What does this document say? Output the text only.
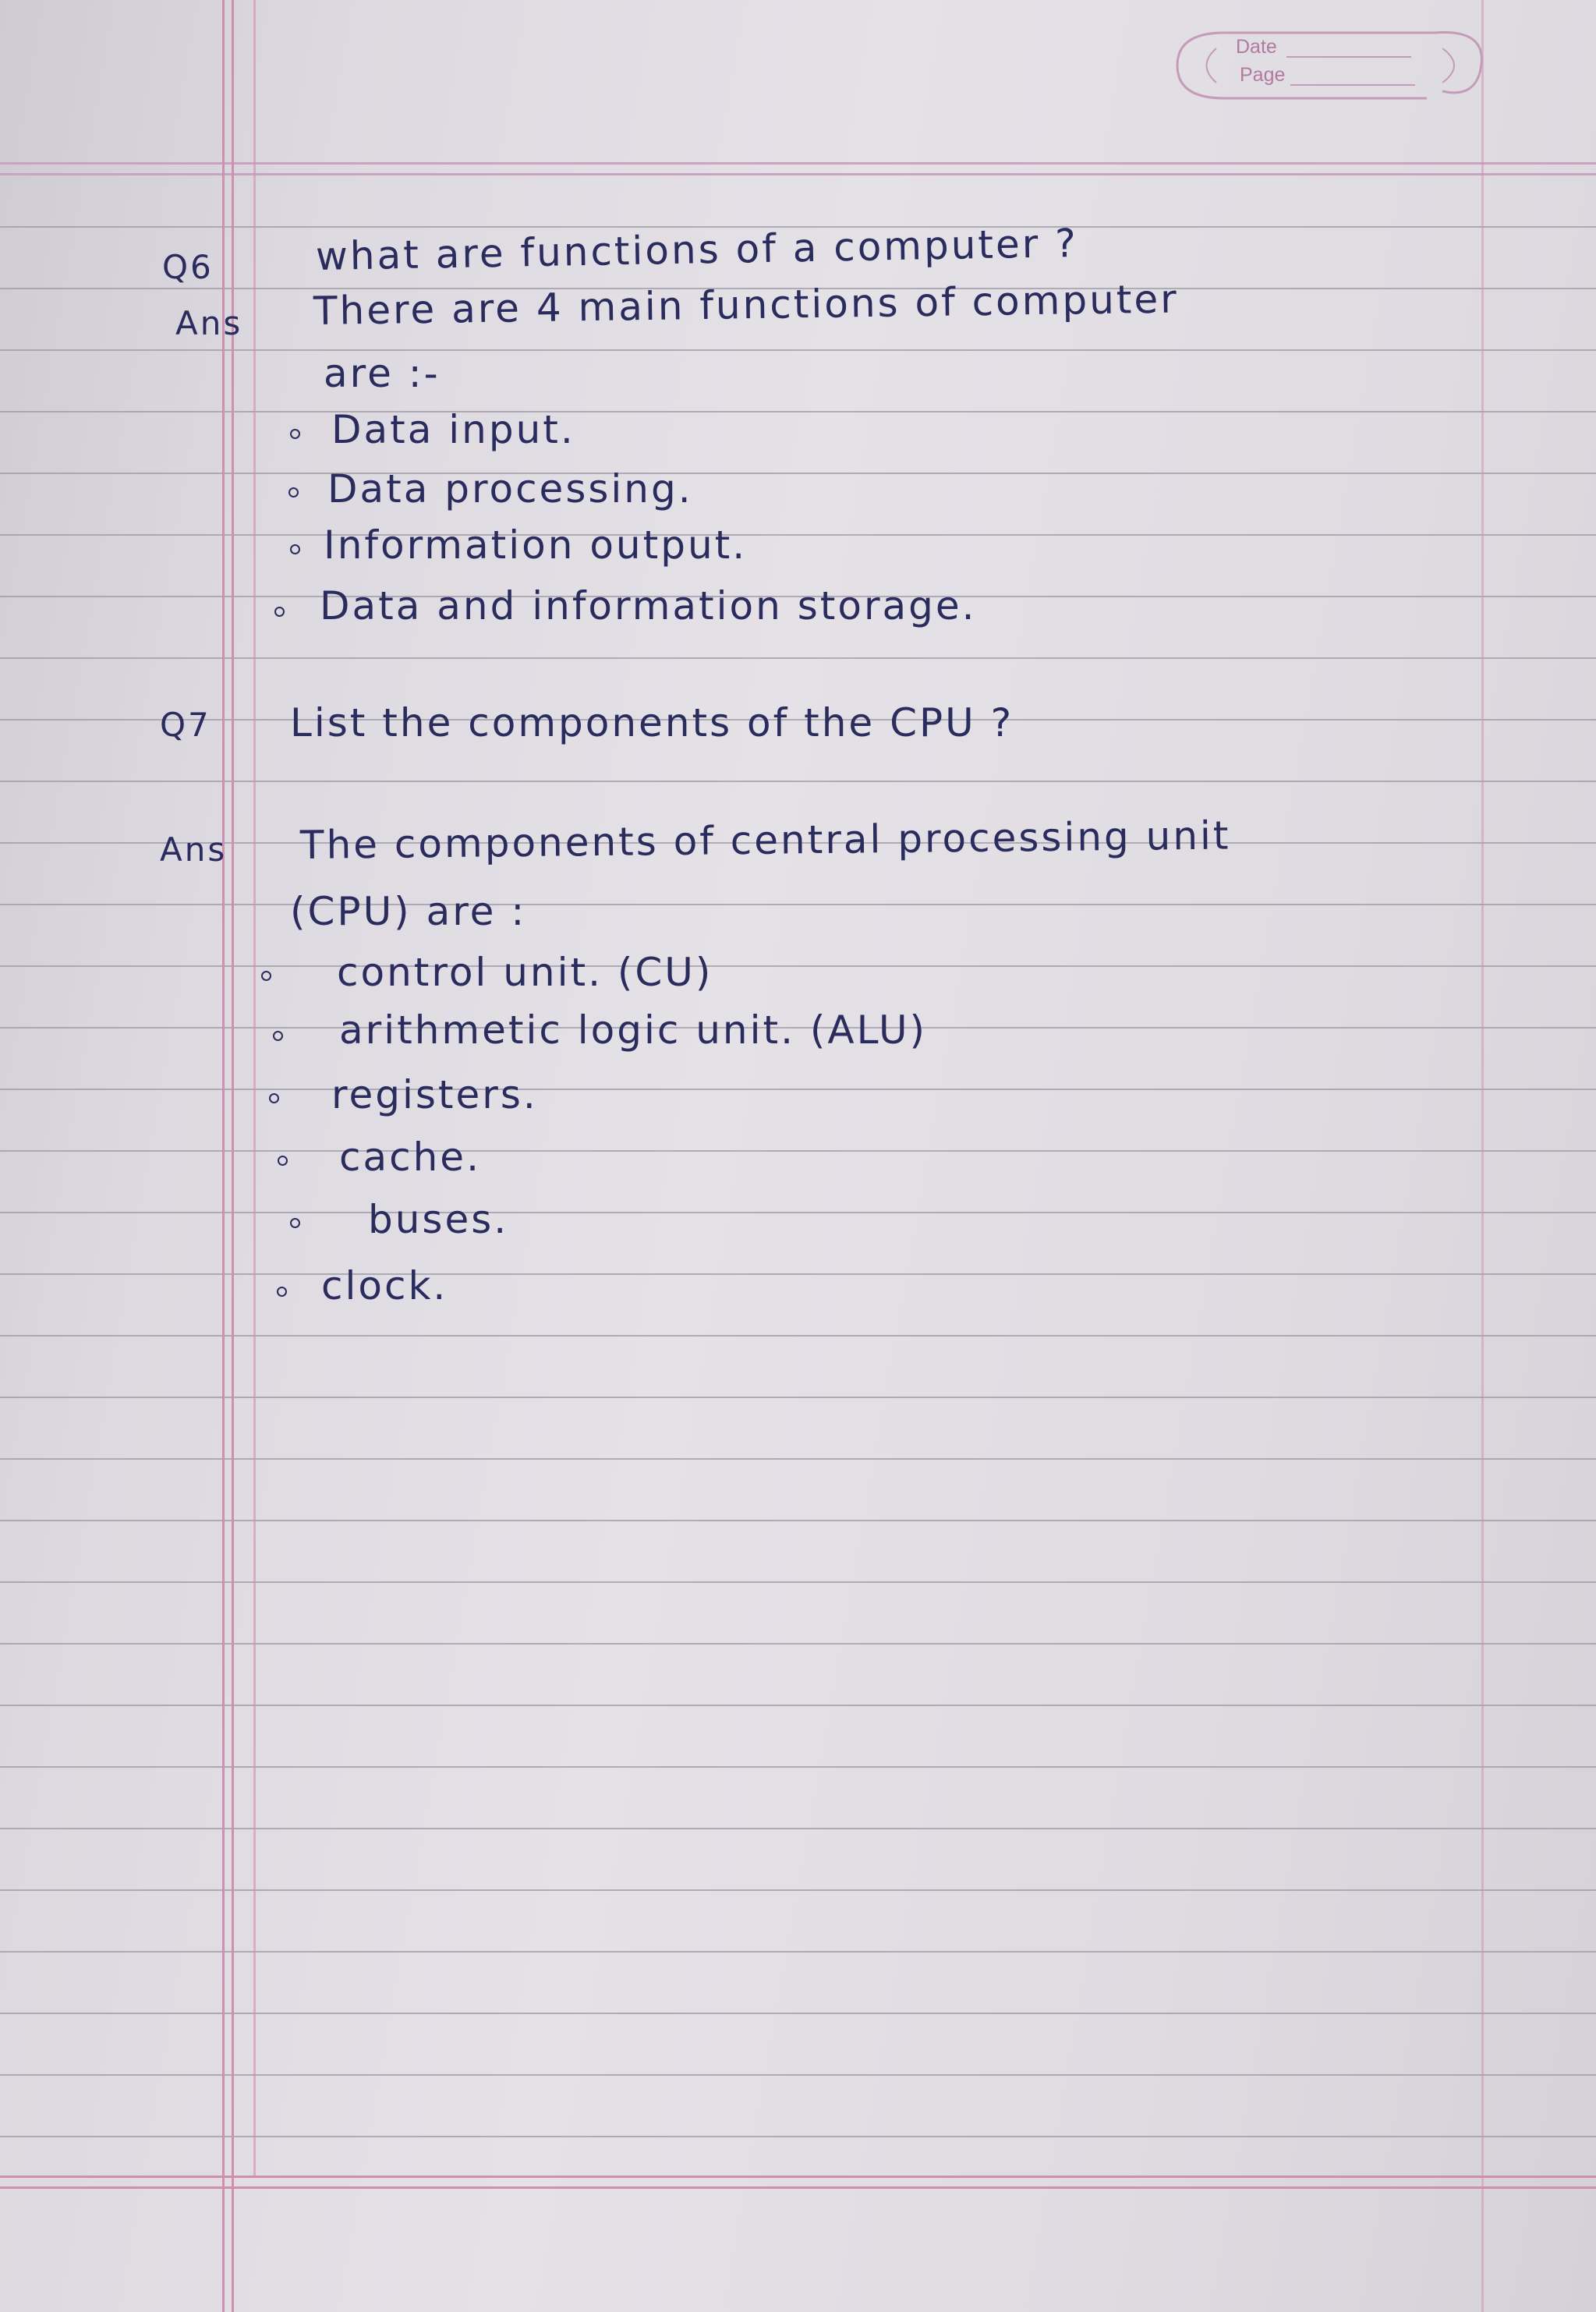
Date
Page
Q6	what are functions of a computer ?
Ans There are 4 main functions of computer
are :-
Data input.
Data processing.
Information output.
Data and information storage.
Q7 List the components of the CPU ?
Ans The components of central processing unit
(CPU) are :
control unit. (CU)
arithmetic logic unit. (ALU)
registers.
cache.
buses.
clock.
